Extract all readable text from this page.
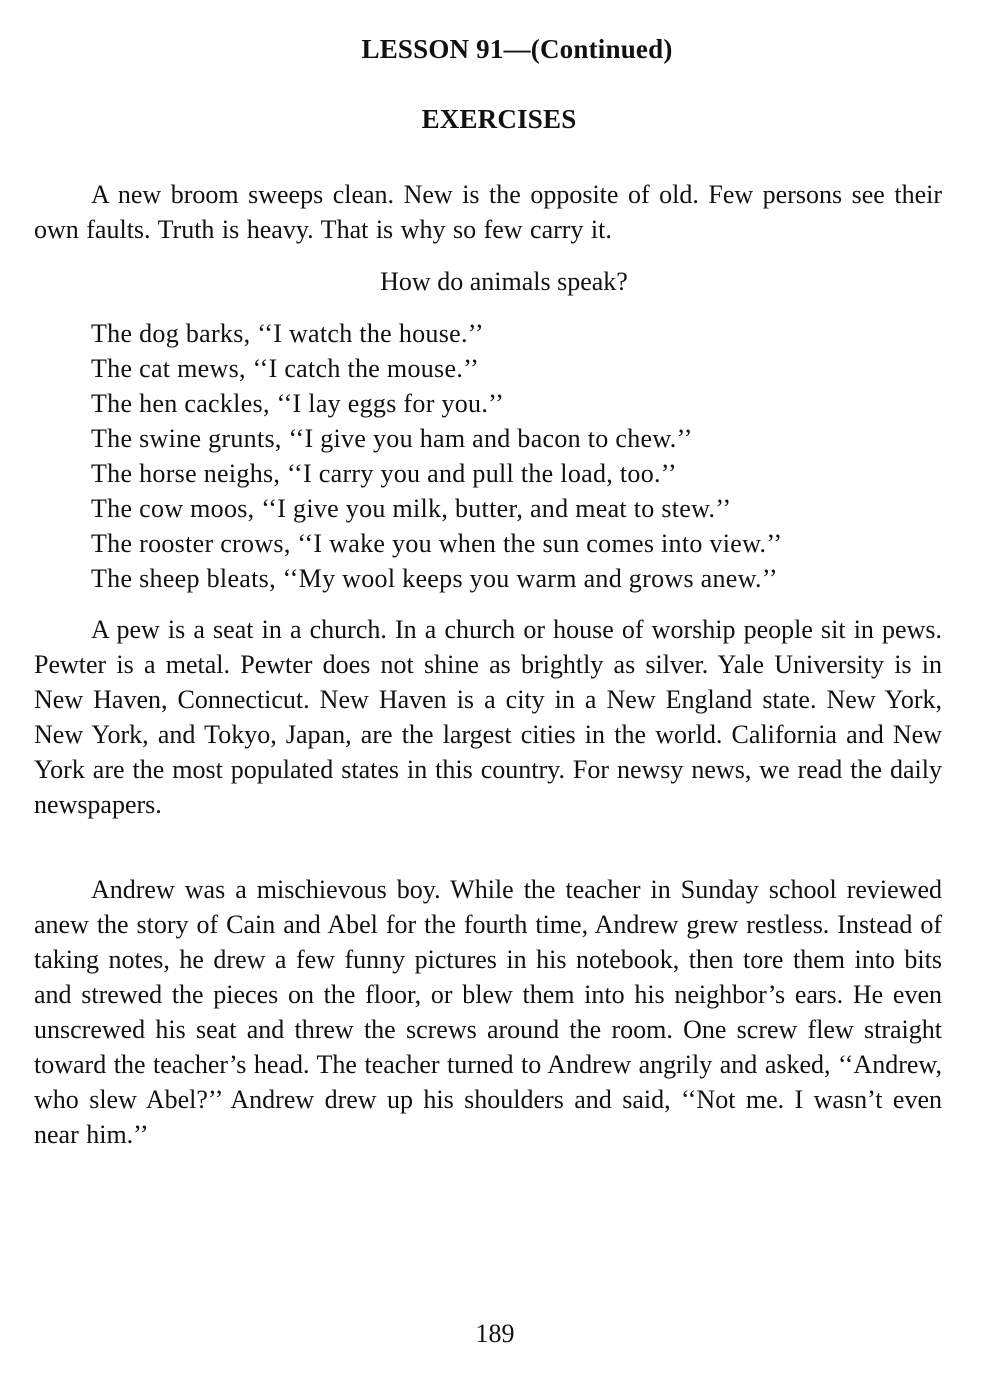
LESSON 91—(Continued)
EXERCISES

A new broom sweeps clean. New is the opposite of old. Few persons see their own faults. Truth is heavy. That is why so few carry it.

How do animals speak?
The dog barks, ‘‘I watch the house.’’
The cat mews, ‘‘I catch the mouse.’’
The hen cackles, ‘‘I lay eggs for you.’’
The swine grunts, ‘‘I give you ham and bacon to chew.’’
The horse neighs, ‘‘I carry you and pull the load, too.’’
The cow moos, ‘‘I give you milk, butter, and meat to stew.’’
The rooster crows, ‘‘I wake you when the sun comes into view.’’
The sheep bleats, ‘‘My wool keeps you warm and grows anew.’’

A pew is a seat in a church. In a church or house of worship people sit in pews. Pewter is a metal. Pewter does not shine as brightly as silver. Yale University is in New Haven, Connecticut. New Haven is a city in a New England state. New York, New York, and Tokyo, Japan, are the largest cities in the world. California and New York are the most populated states in this country. For newsy news, we read the daily newspapers.

Andrew was a mischievous boy. While the teacher in Sunday school reviewed anew the story of Cain and Abel for the fourth time, Andrew grew restless. Instead of taking notes, he drew a few funny pictures in his notebook, then tore them into bits and strewed the pieces on the floor, or blew them into his neighbor’s ears. He even unscrewed his seat and threw the screws around the room. One screw flew straight toward the teacher’s head. The teacher turned to Andrew angrily and asked, ‘‘Andrew, who slew Abel?’’ Andrew drew up his shoulders and said, ‘‘Not me. I wasn’t even near him.’’

189
